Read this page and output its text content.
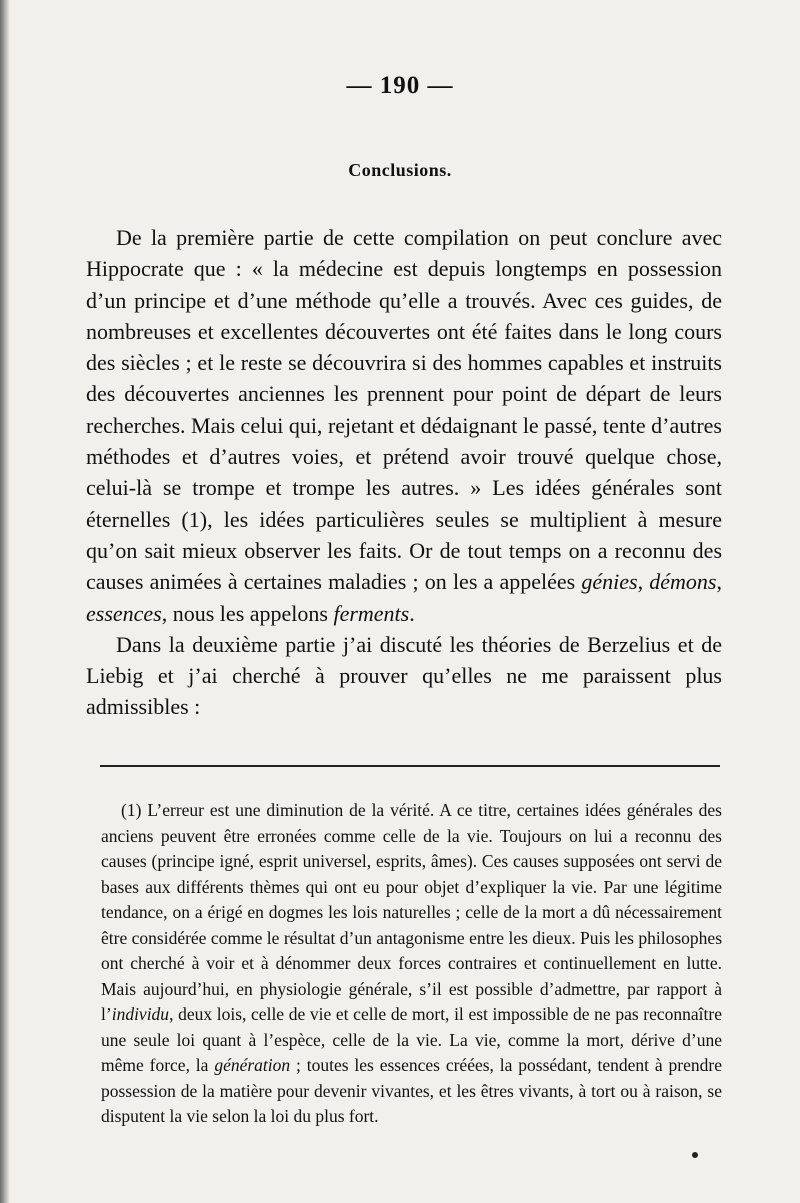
— 190 —
Conclusions.

De la première partie de cette compilation on peut conclure avec Hippocrate que : « la médecine est depuis longtemps en possession d’un principe et d’une méthode qu’elle a trouvés. Avec ces guides, de nombreuses et excellentes découvertes ont été faites dans le long cours des siècles ; et le reste se découvrira si des hommes capables et instruits des découvertes anciennes les prennent pour point de départ de leurs recherches. Mais celui qui, rejetant et dédaignant le passé, tente d’autres méthodes et d’autres voies, et prétend avoir trouvé quelque chose, celui-là se trompe et trompe les autres. » Les idées générales sont éternelles (1), les idées particulières seules se multiplient à mesure qu’on sait mieux observer les faits. Or de tout temps on a reconnu des causes animées à certaines maladies ; on les a appelées génies, démons, essences, nous les appelons ferments.

Dans la deuxième partie j’ai discuté les théories de Berzelius et de Liebig et j’ai cherché à prouver qu’elles ne me paraissent plus admissibles :

(1) L’erreur est une diminution de la vérité. A ce titre, certaines idées générales des anciens peuvent être erronées comme celle de la vie. Toujours on lui a reconnu des causes (principe igné, esprit universel, esprits, âmes). Ces causes supposées ont servi de bases aux différents thèmes qui ont eu pour objet d’expliquer la vie. Par une légitime tendance, on a érigé en dogmes les lois naturelles ; celle de la mort a dû nécessairement être considérée comme le résultat d’un antagonisme entre les dieux. Puis les philosophes ont cherché à voir et à dénommer deux forces contraires et continuellement en lutte. Mais aujourd’hui, en physiologie générale, s’il est possible d’admettre, par rapport à l’individu, deux lois, celle de vie et celle de mort, il est impossible de ne pas reconnaître une seule loi quant à l’espèce, celle de la vie. La vie, comme la mort, dérive d’une même force, la génération ; toutes les essences créées, la possédant, tendent à prendre possession de la matière pour devenir vivantes, et les êtres vivants, à tort ou à raison, se disputent la vie selon la loi du plus fort.
